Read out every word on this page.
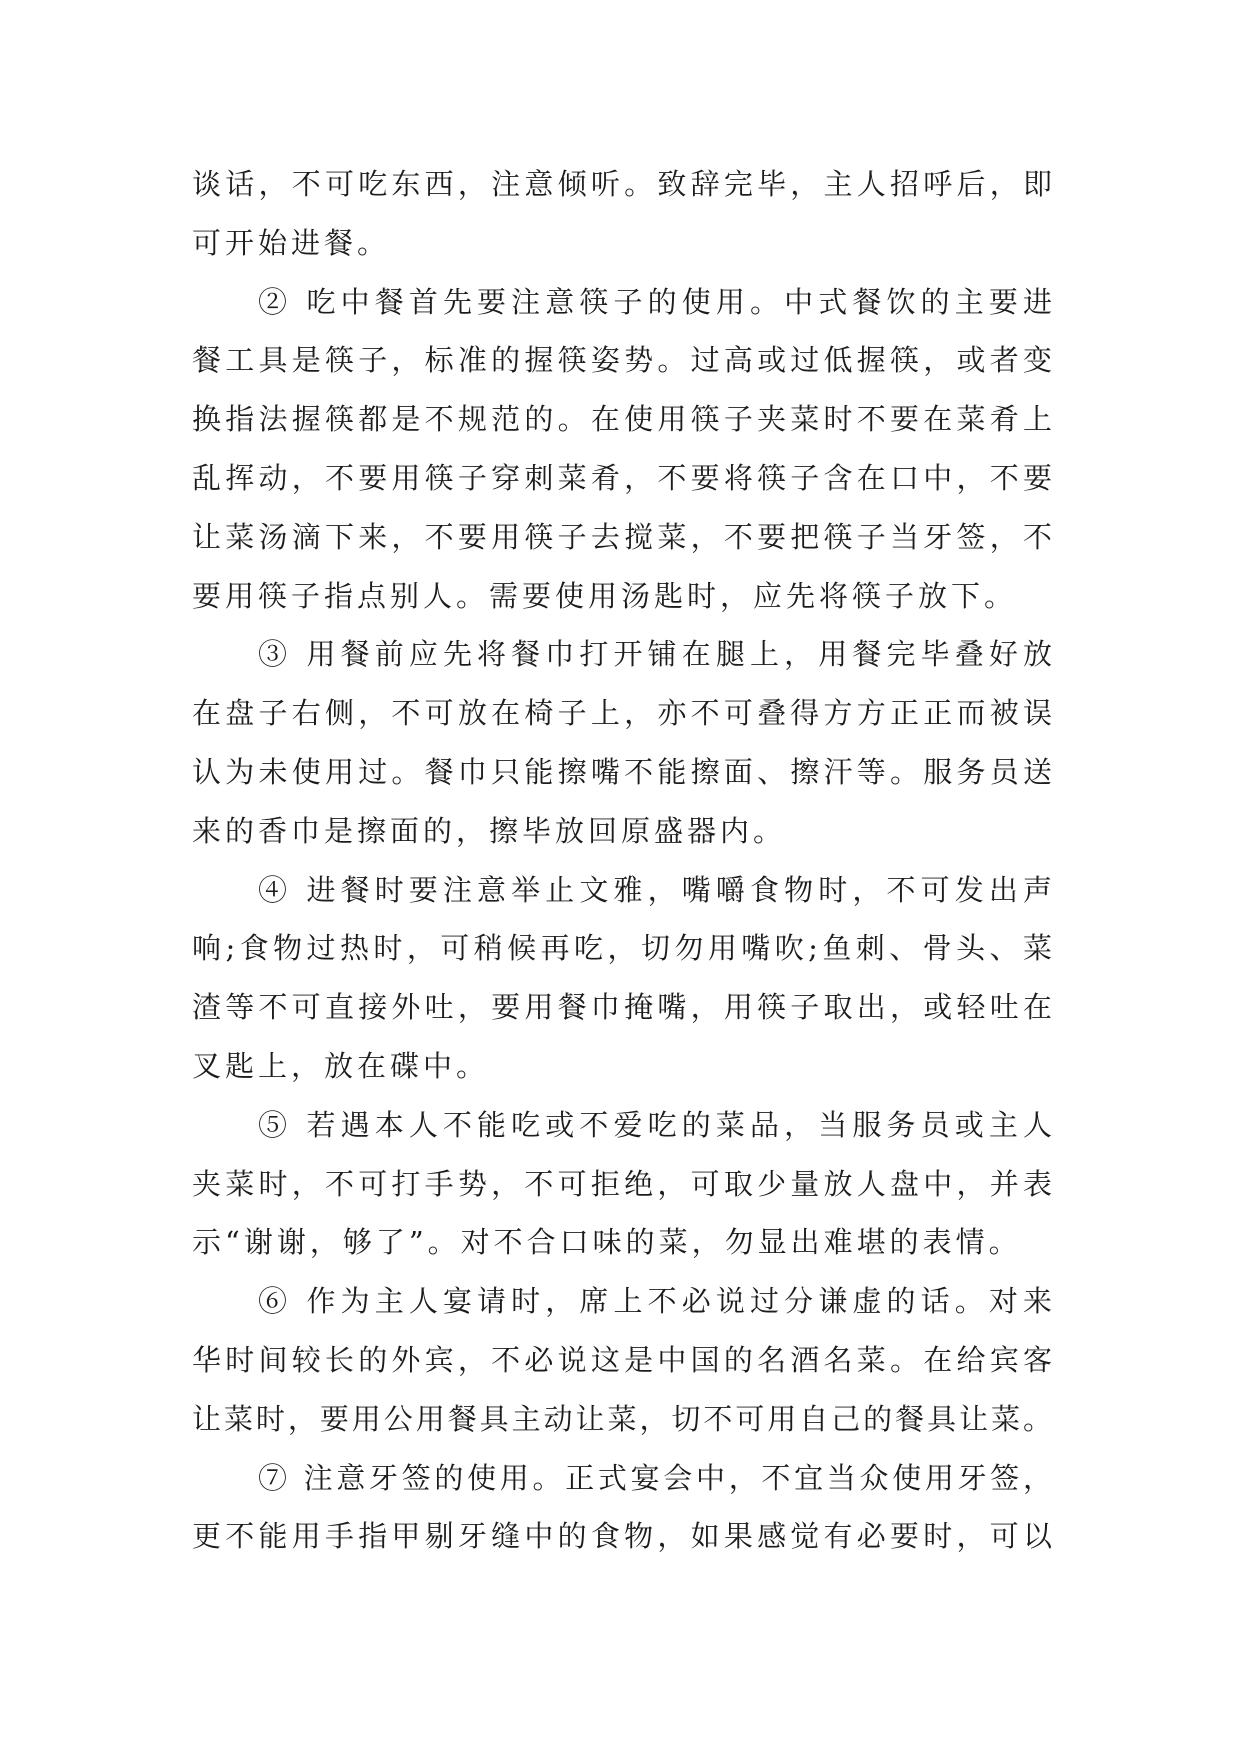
谈话，不可吃东西，注意倾听。致辞完毕，主人招呼后，即
可开始进餐。
② 吃中餐首先要注意筷子的使用。中式餐饮的主要进
餐工具是筷子，标准的握筷姿势。过高或过低握筷，或者变
换指法握筷都是不规范的。在使用筷子夹菜时不要在菜肴上
乱挥动，不要用筷子穿刺菜肴，不要将筷子含在口中，不要
让菜汤滴下来，不要用筷子去搅菜，不要把筷子当牙签，不
要用筷子指点别人。需要使用汤匙时，应先将筷子放下。
③ 用餐前应先将餐巾打开铺在腿上，用餐完毕叠好放
在盘子右侧，不可放在椅子上，亦不可叠得方方正正而被误
认为未使用过。餐巾只能擦嘴不能擦面、擦汗等。服务员送
来的香巾是擦面的，擦毕放回原盛器内。
④ 进餐时要注意举止文雅，嘴嚼食物时，不可发出声
响;食物过热时，可稍候再吃，切勿用嘴吹;鱼刺、骨头、菜
渣等不可直接外吐，要用餐巾掩嘴，用筷子取出，或轻吐在
叉匙上，放在碟中。
⑤ 若遇本人不能吃或不爱吃的菜品，当服务员或主人
夹菜时，不可打手势，不可拒绝，可取少量放人盘中，并表
示“谢谢，够了”。对不合口味的菜，勿显出难堪的表情。
⑥ 作为主人宴请时，席上不必说过分谦虚的话。对来
华时间较长的外宾，不必说这是中国的名酒名菜。在给宾客
让菜时，要用公用餐具主动让菜，切不可用自己的餐具让菜。
⑦ 注意牙签的使用。正式宴会中，不宜当众使用牙签，
更不能用手指甲剔牙缝中的食物，如果感觉有必要时，可以
